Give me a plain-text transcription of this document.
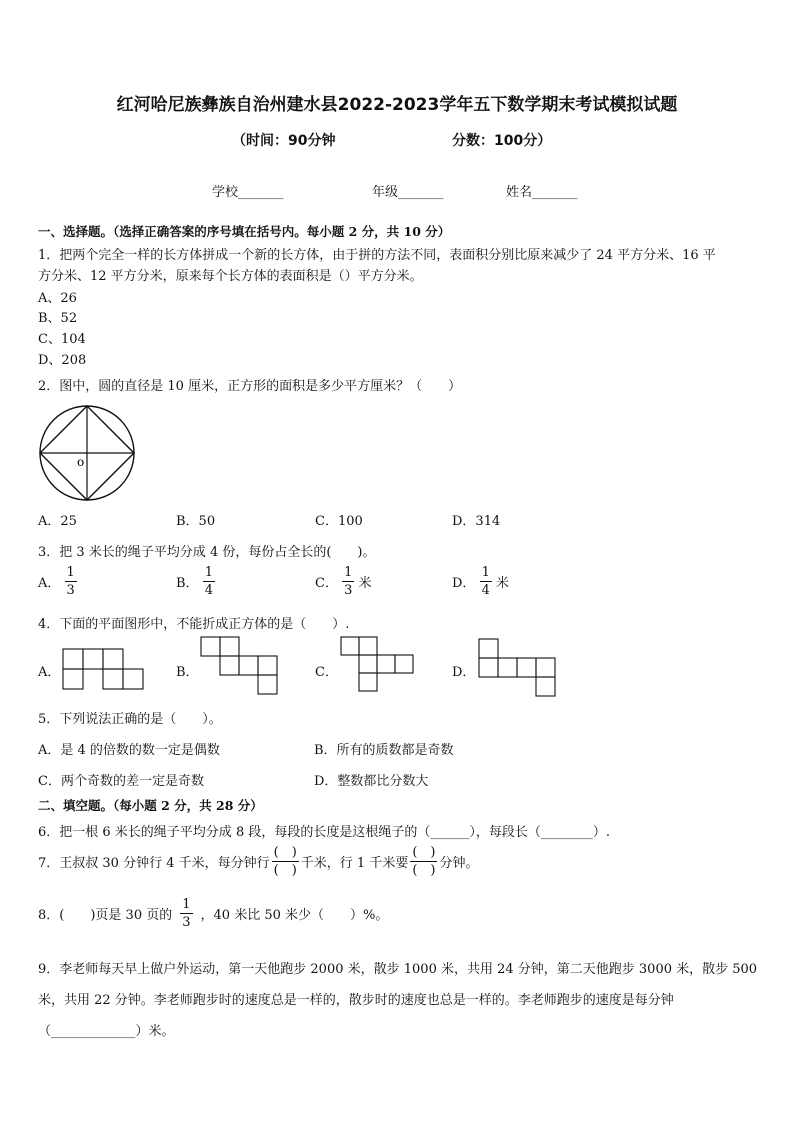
红河哈尼族彝族自治州建水县2022-2023学年五下数学期末考试模拟试题
（时间：90分钟	分数：100分）
学校_______	年级_______	姓名_______
一、选择题。（选择正确答案的序号填在括号内。每小题 2 分，共 10 分）
1．把两个完全一样的长方体拼成一个新的长方体，由于拼的方法不同，表面积分别比原来减少了 24 平方分米、16 平
方分米、12 平方分米，原来每个长方体的表面积是（）平方分米。
A、26
B、52
C、104
D、208
2．图中，圆的直径是 10 厘米，正方形的面积是多少平方厘米？（　　）
o
A．25	B．50	C．100	D．314
3．把 3 米长的绳子平均分成 4 份，每份占全长的(　　)。
A． $\frac{1}{3}$	B． $\frac{1}{4}$	C． $\frac{1}{3}$ 米	D． $\frac{1}{4}$ 米
4．下面的平面图形中，不能折成正方体的是（　　）.
A．	B．	C．	D．
5．下列说法正确的是（　　）。
A．是 4 的倍数的数一定是偶数	B．所有的质数都是奇数
C．两个奇数的差一定是奇数	D．整数都比分数大
二、填空题。（每小题 2 分，共 28 分）
6．把一根 6 米长的绳子平均分成 8 段，每段的长度是这根绳子的（______），每段长（________）.
7．王叔叔 30 分钟行 4 千米，每分钟行 $\frac{( )}{( )}$ 千米，行 1 千米要 $\frac{( )}{( )}$ 分钟。
8．(　　)页是 30 页的 $\frac{1}{3}$ ，40 米比 50 米少（　　）%。
9．李老师每天早上做户外运动，第一天他跑步 2000 米，散步 1000 米，共用 24 分钟，第二天他跑步 3000 米，散步 500
米，共用 22 分钟。李老师跑步时的速度总是一样的，散步时的速度也总是一样的。李老师跑步的速度是每分钟
（_____________）米。
